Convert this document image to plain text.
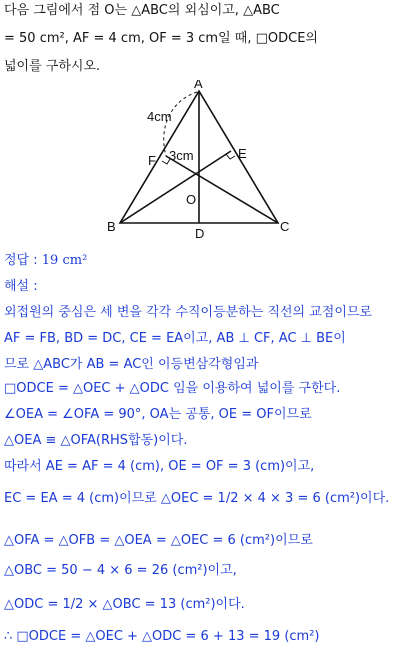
다음 그림에서 점 O는 △ABC의 외심이고, △ABC
= 50 cm², AF = 4 cm, OF = 3 cm일 때, □ODCE의
넓이를 구하시오.
A
B	C
D
E
F
O
4cm
3cm
정답 : 19 cm²
해설 :
외접원의 중심은 세 변을 각각 수직이등분하는 직선의 교점이므로
AF = FB, BD = DC, CE = EA이고, AB ⊥ CF, AC ⊥ BE이
므로 △ABC가 AB = AC인 이등변삼각형임과
□ODCE = △OEC + △ODC 임을 이용하여 넓이를 구한다.
∠OEA = ∠OFA = 90°, OA는 공통, OE = OF이므로
△OEA ≡ △OFA(RHS합동)이다.
따라서 AE = AF = 4 (cm), OE = OF = 3 (cm)이고,
EC = EA = 4 (cm)이므로 △OEC = 1/2 × 4 × 3 = 6 (cm²)이다.
△OFA = △OFB = △OEA = △OEC = 6 (cm²)이므로
△OBC = 50 − 4 × 6 = 26 (cm²)이고,
△ODC = 1/2 × △OBC = 13 (cm²)이다.
∴ □ODCE = △OEC + △ODC = 6 + 13 = 19 (cm²)
